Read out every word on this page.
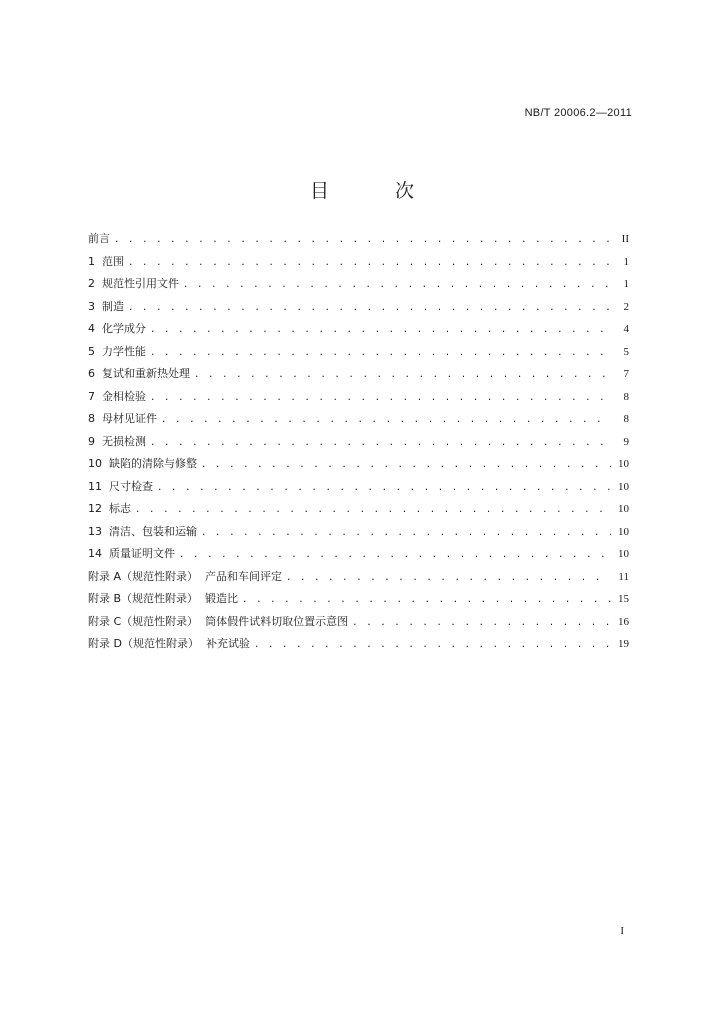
NB/T 20006.2—2011
目 次
前言 . . .	II
1  范围 . . .	1
2  规范性引用文件 . . .	1
3  制造 . . .	2
4  化学成分 . . .	4
5  力学性能 . . .	5
6  复试和重新热处理 . . .	7
7  金相检验 . . .	8
8  母材见证件 . . .	8
9  无损检测 . . .	9
10  缺陷的清除与修整 . . .	10
11  尺寸检查 . . .	10
12  标志 . . .	10
13  清洁、包装和运输 . . .	10
14  质量证明文件 . . .	10
附录 A（规范性附录）  产品和车间评定 . . .	11
附录 B（规范性附录）  锻造比 . . .	15
附录 C（规范性附录）  筒体假件试料切取位置示意图 . . .	16
附录 D（规范性附录）  补充试验 . . .	19
I
